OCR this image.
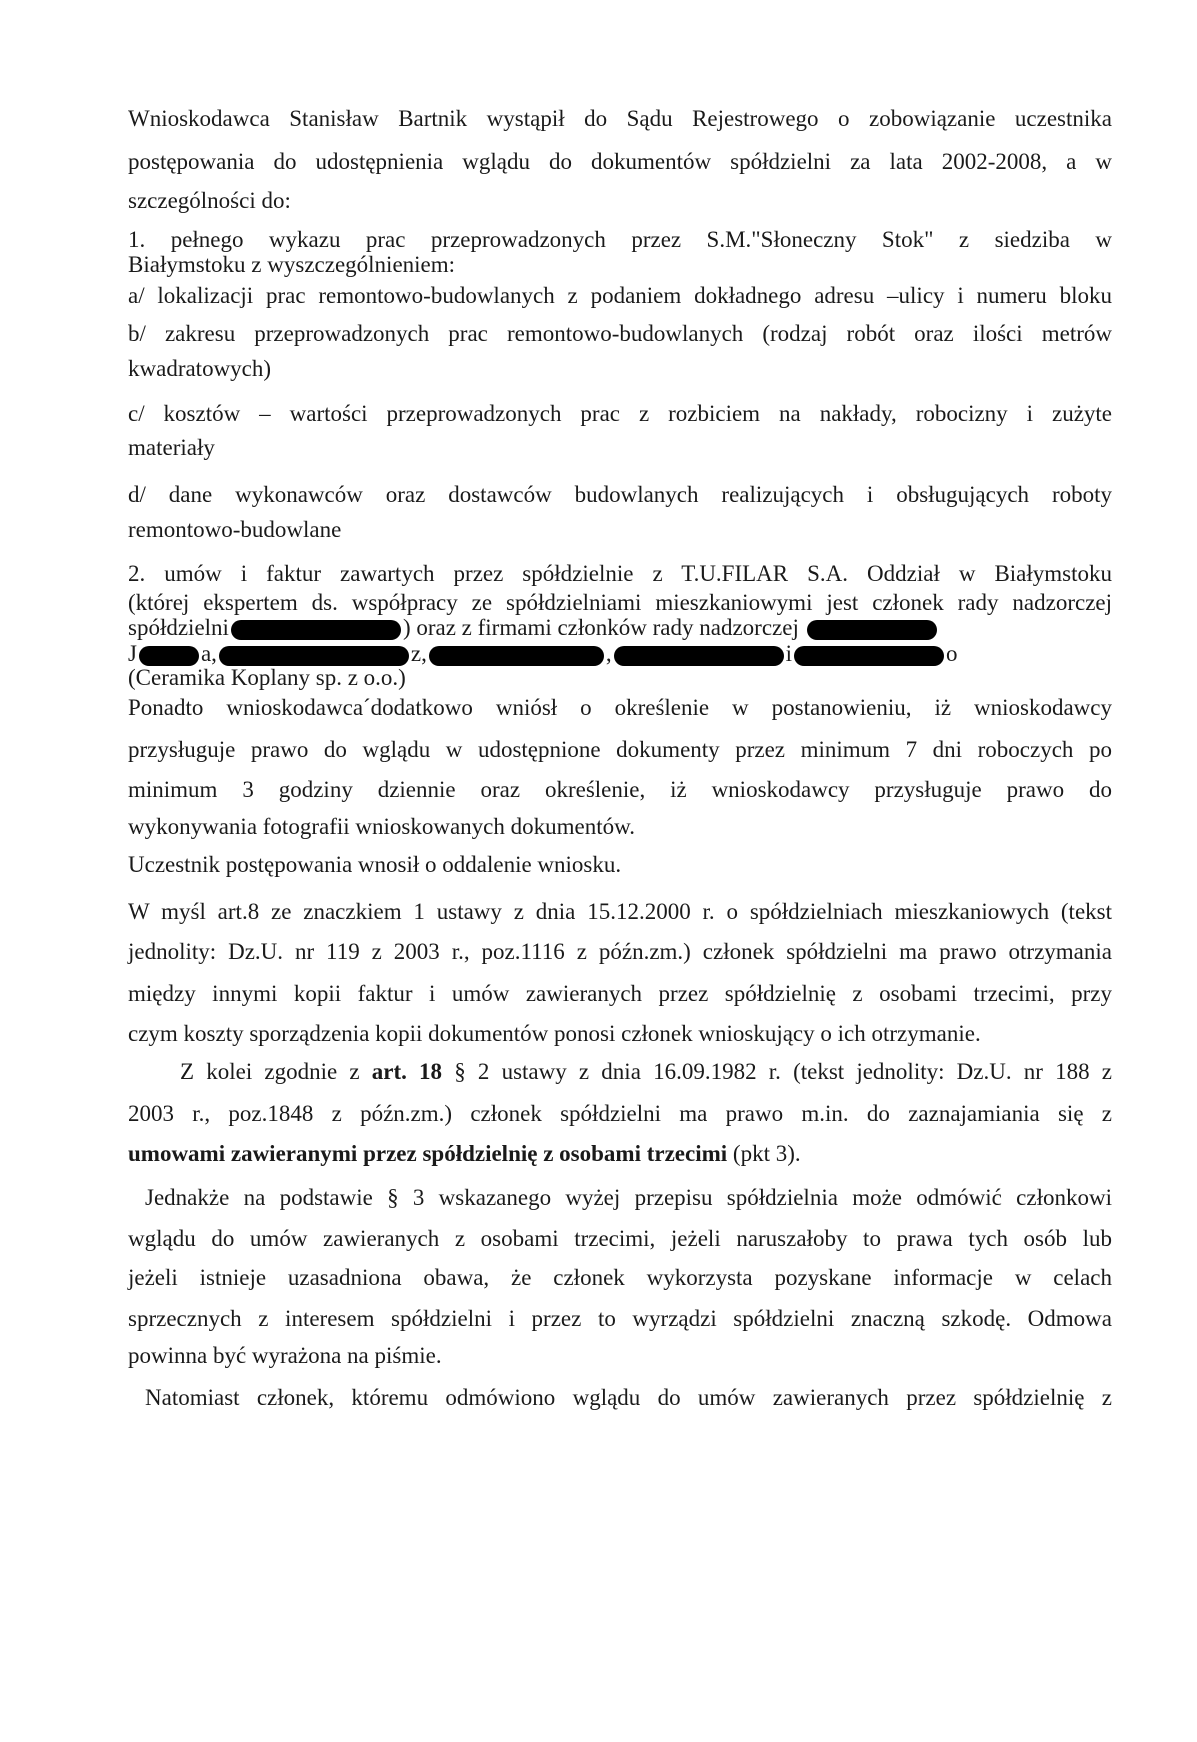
Wnioskodawca Stanisław Bartnik wystąpił do Sądu Rejestrowego o zobowiązanie uczestnika
postępowania do udostępnienia wglądu do dokumentów spółdzielni za lata 2002-2008, a w
szczególności do:
1. pełnego wykazu prac przeprowadzonych przez S.M."Słoneczny Stok" z siedziba w
Białymstoku z wyszczególnieniem:
a/ lokalizacji prac remontowo-budowlanych z podaniem dokładnego adresu –ulicy i numeru bloku
b/ zakresu przeprowadzonych prac remontowo-budowlanych (rodzaj robót oraz ilości metrów
kwadratowych)
c/ kosztów – wartości przeprowadzonych prac z rozbiciem na nakłady, robocizny i zużyte
materiały
d/ dane wykonawców oraz dostawców budowlanych realizujących i obsługujących roboty
remontowo-budowlane
2. umów i faktur zawartych przez spółdzielnie z T.U.FILAR S.A. Oddział w Białymstoku
(której ekspertem ds. współpracy ze spółdzielniami mieszkaniowymi jest członek rady nadzorczej
spółdzielni	) oraz z firmami członków rady nadzorczej
J	a,	z,	,	i	o
(Ceramika Koplany sp. z o.o.)
Ponadto wnioskodawca´dodatkowo wniósł o określenie w postanowieniu, iż wnioskodawcy
przysługuje prawo do wglądu w udostępnione dokumenty przez minimum 7 dni roboczych po
minimum 3 godziny dziennie oraz określenie, iż wnioskodawcy przysługuje prawo do
wykonywania fotografii wnioskowanych dokumentów.
Uczestnik postępowania wnosił o oddalenie wniosku.
W myśl art.8 ze znaczkiem 1 ustawy z dnia 15.12.2000 r. o spółdzielniach mieszkaniowych (tekst
jednolity: Dz.U. nr 119 z 2003 r., poz.1116 z późn.zm.) członek spółdzielni ma prawo otrzymania
między innymi kopii faktur i umów zawieranych przez spółdzielnię z osobami trzecimi, przy
czym koszty sporządzenia kopii dokumentów ponosi członek wnioskujący o ich otrzymanie.
Z kolei zgodnie z art. 18 § 2 ustawy z dnia 16.09.1982 r. (tekst jednolity: Dz.U. nr 188 z
2003 r., poz.1848 z późn.zm.) członek spółdzielni ma prawo m.in. do zaznajamiania się z
umowami zawieranymi przez spółdzielnię z osobami trzecimi (pkt 3).
Jednakże na podstawie § 3 wskazanego wyżej przepisu spółdzielnia może odmówić członkowi
wglądu do umów zawieranych z osobami trzecimi, jeżeli naruszałoby to prawa tych osób lub
jeżeli istnieje uzasadniona obawa, że członek wykorzysta pozyskane informacje w celach
sprzecznych z interesem spółdzielni i przez to wyrządzi spółdzielni znaczną szkodę. Odmowa
powinna być wyrażona na piśmie.
Natomiast członek, któremu odmówiono wglądu do umów zawieranych przez spółdzielnię z
